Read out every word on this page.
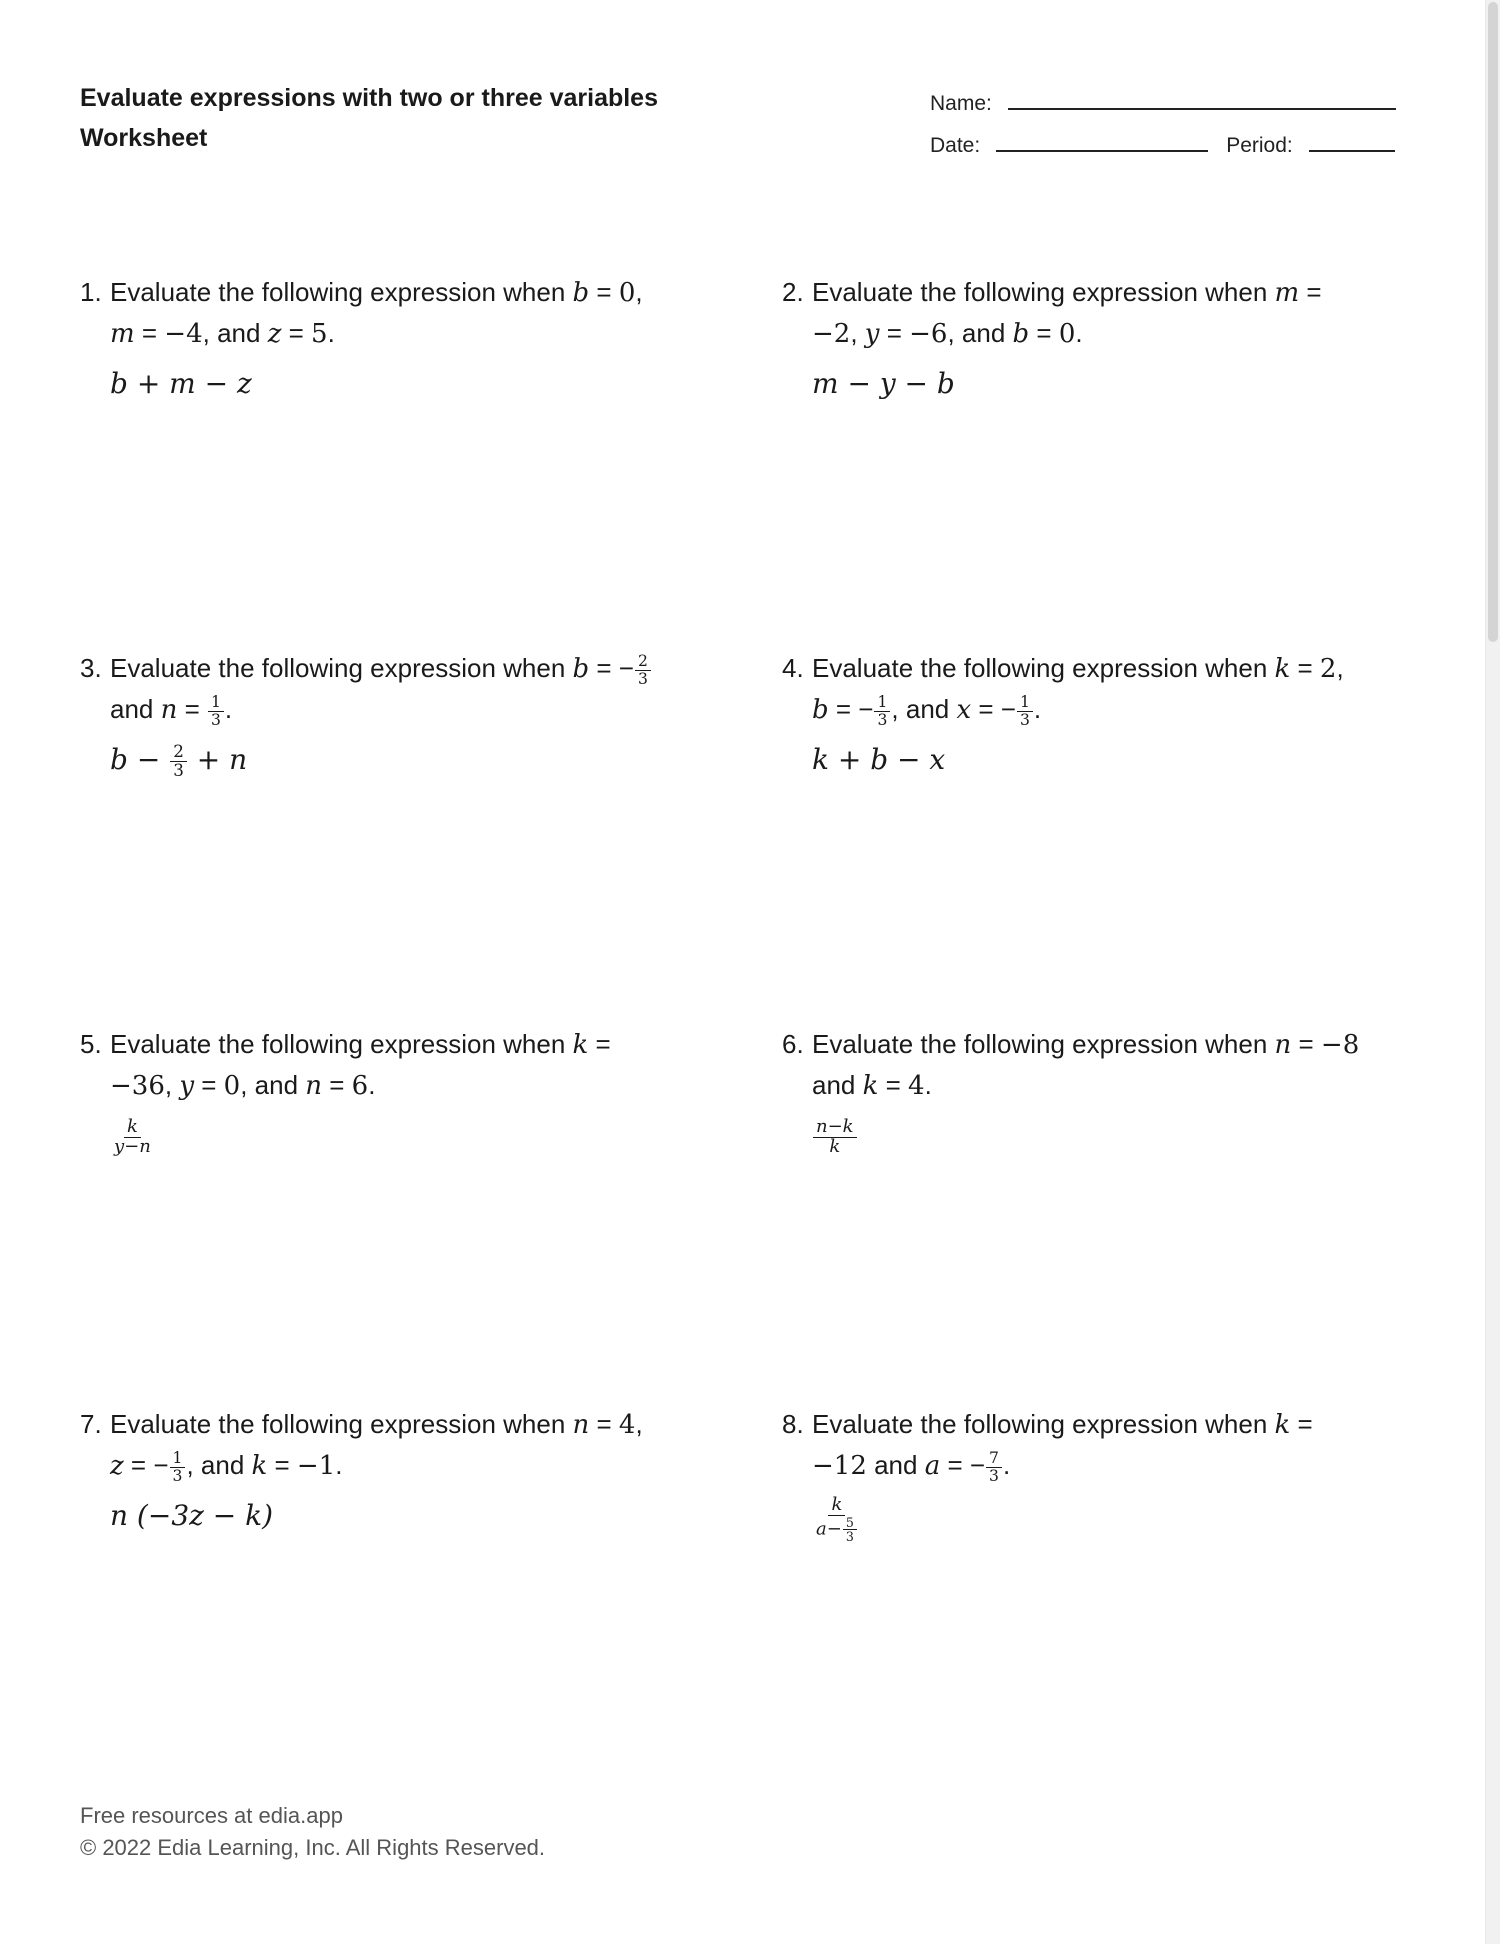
Evaluate expressions with two or three variables
Worksheet
Name:
Date:	Period:
1. Evaluate the following expression when b = 0,
m = −4, and z = 5.
b + m − z
2. Evaluate the following expression when m =
−2, y = −6, and b = 0.
m − y − b
3. Evaluate the following expression when b = − $\frac{2}{3}$

and $n = \frac{1}{3}$ .
$b - \frac{2}{3} + n$
4. Evaluate the following expression when k = 2,
b = − $\frac{1}{3}$ , and x = − $\frac{1}{3}$ .
k + b − x
5. Evaluate the following expression when k =
−36, y = 0, and n = 6.
$\frac{k}{y-n}$
6. Evaluate the following expression when n = −8
and k = 4.
$\frac{n-k}{k}$
7. Evaluate the following expression when n = 4,
z = − $\frac{1}{3}$ , and k = −1.
n (−3z − k)
8. Evaluate the following expression when k =
−12 and a = − $\frac{7}{3}$ .
$\frac{k}{a- \frac{5}{3}}$
Free resources at edia.app
© 2022 Edia Learning, Inc. All Rights Reserved.
